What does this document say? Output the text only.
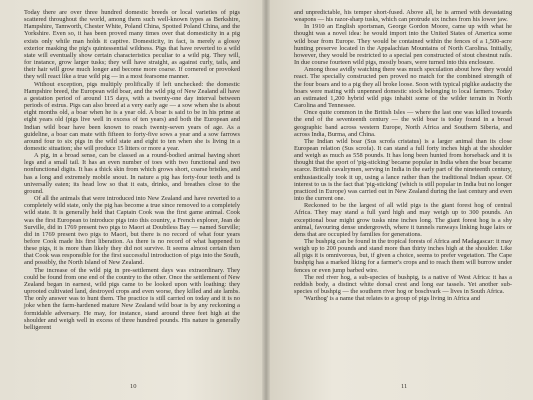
Today there are over three hundred domestic breeds or local varieties of pigs scattered throughout the world, among them such well-known types as Berkshire, Hampshire, Tamworth, Chester White, Poland China, Spotted Poland China, and the Yorkshire. Even so, it has been proved many times over that domesticity in a pig exists only while man holds it captive. Domesticity, in fact, is merely a glossy exterior masking the pig's quintessential wildness. Pigs that have reverted to a wild state will eventually show certain characteristics peculiar to a wild pig. They will, for instance, grow larger tusks; they will have straight, as against curly, tails, and their hair will grow much longer and become more coarse. If cornered or provoked they will react like a true wild pig — in a most fearsome manner.

Without exception, pigs multiply prolifically if left unchecked: the domestic Hampshire breed, the European wild boar, and the wild pig of New Zealand all have a gestation period of around 115 days, with a twenty-one day interval between periods of estrus. Pigs can also breed at a very early age — a sow when she is about eight months old, a boar when he is a year old. A boar is said to be in his prime at eight years old (pigs live well in excess of ten years) and both the European and Indian wild boar have been known to reach twenty-seven years of age. As a guideline, a boar can mate with fifteen to forty-five sows a year and a sow farrows around four to six pigs in the wild state and eight to ten when she is living in a domestic situation; she will produce 15 litters or more a year.

A pig, in a broad sense, can be classed as a round-bodied animal having short legs and a small tail. It has an even number of toes with two functional and two nonfunctional digits. It has a thick skin from which grows short, coarse bristles, and has a long and extremely mobile snout. In nature a pig has forty-four teeth and is universally eaten; its head low so that it eats, drinks, and breathes close to the ground.

Of all the animals that were introduced into New Zealand and have reverted to a completely wild state, only the pig has become a true since removed to a completely wild state. It is generally held that Captain Cook was the first game animal. Cook was the first European to introduce pigs into this country, a French explorer, Jean de Surville, did in 1769 present two pigs to Maori at Doubtless Bay — named Surville; did in 1769 present two pigs to Maori, but there is no record of what four years before Cook made his first liberation. As there is no record of what happened to these pigs, it is more than likely they did not survive. It seems almost certain then that Cook was responsible for the first successful introduction of pigs into the South, and possibly, the North Island of New Zealand.

The increase of the wild pig in pre-settlement days was extraordinary. They could be found from one end of the country to the other. Once the settlement of New Zealand began in earnest, wild pigs came to be looked upon with loathing: they uprooted cultivated land, destroyed crops and even worse, they killed and ate lambs. The only answer was to hunt them. The practice is still carried on today and it is no joke when the farm-hardened mature New Zealand wild boar is by any reckoning a formidable adversary. He may, for instance, stand around three feet high at the shoulder and weigh well in excess of three hundred pounds. His nature is generally belligerent

10

and unpredictable, his temper short-fused. Above all, he is armed with devastating weapons — his razor-sharp tusks, which can protrude six inches from his lower jaw.

In 1910 an English sportsman, George Gordon Moore, came up with what he thought was a novel idea: he would import into the United States of America some wild boar from Europe. They would be contained within the fences of a 1,500-acre hunting preserve located in the Appalachian Mountains of North Carolina. Initially, however, they would be restricted to a special pen constructed of stout chestnut rails. In due course fourteen wild pigs, mostly boars, were turned into this enclosure.

Among those avidly watching there was much speculation about how they would react. The specially constructed pen proved no match for the combined strength of the four boars and to a pig they all broke loose. Soon with typical piglike audacity the boars were mating with unpenned domestic stock belonging to local farmers. Today an estimated 1,200 hybrid wild pigs inhabit some of the wilder terrain in North Carolina and Tennessee.

Once quite common in the British Isles — where the last one was killed towards the end of the seventeenth century — the wild boar is today found in a broad geographic band across western Europe, North Africa and Southern Siberia, and across India, Burma, and China.

The Indian wild boar (Sus scrofa cristatus) is a larger animal than its close European relation (Sus scrofa). It can stand a full forty inches high at the shoulder and weigh as much as 558 pounds. It has long been hunted from horseback and it is thought that the sport of 'pig-sticking' became popular in India when the boar became scarce. British cavalrymen, serving in India in the early part of the nineteenth century, enthusiastically took it up, using a lance rather than the traditional Indian spear. Of interest to us is the fact that 'pig-sticking' (which is still popular in India but no longer practiced in Europe) was carried out in New Zealand during the last century and even into the current one.

Reckoned to be the largest of all wild pigs is the giant forest hog of central Africa. They may stand a full yard high and may weigh up to 300 pounds. An exceptional boar might grow tusks nine inches long. The giant forest hog is a shy animal, favouring dense undergrowth, where it tunnels runways linking huge lairs or dens that are occupied by families for generations.

The bushpig can be found in the tropical forests of Africa and Madagascar: it may weigh up to 200 pounds and stand more than thirty inches high at the shoulder. Like all pigs it is omnivorous, but, if given a choice, seems to prefer vegetation. The Cape bushpig has a marked liking for a farmer's crops and to reach them will burrow under fences or even jump barbed wire.

The red river hog, a sub-species of bushpig, is a native of West Africa: it has a reddish body, a distinct white dorsal crest and long ear tassels. Yet another sub-species of bushpig — the southern river hog or boschvark — lives in South Africa.

'Warthog' is a name that relates to a group of pigs living in Africa and

11
